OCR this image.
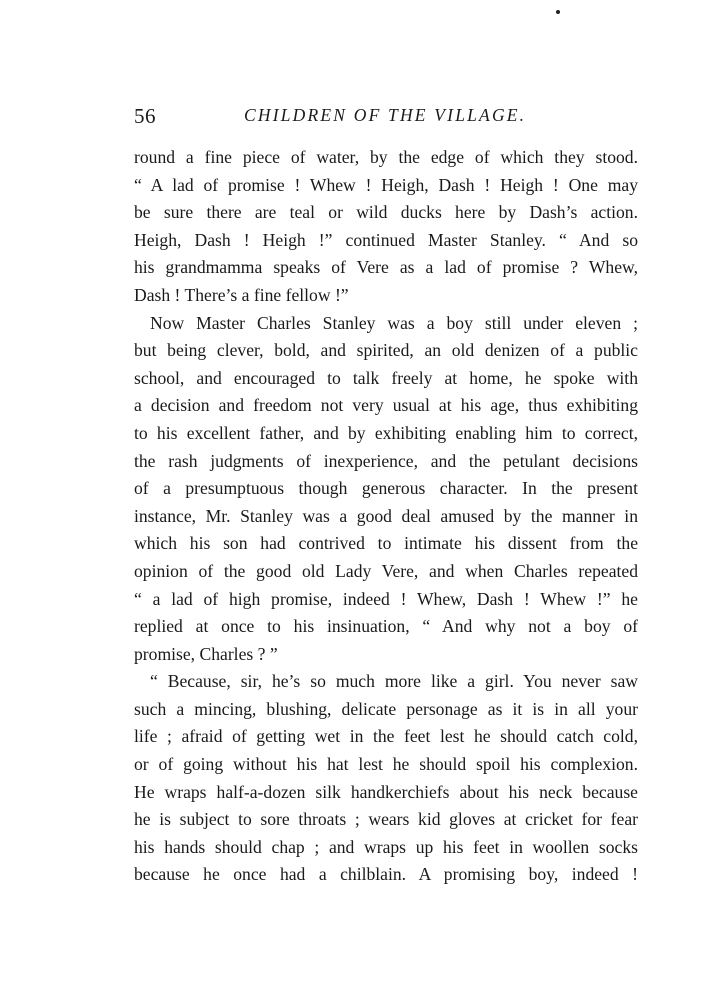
56	CHILDREN OF THE VILLAGE.
round a fine piece of water, by the edge of which they stood.
“ A lad of promise ! Whew ! Heigh, Dash ! Heigh ! One may
be sure there are teal or wild ducks here by Dash’s action.
Heigh, Dash ! Heigh !” continued Master Stanley. “ And so
his grandmamma speaks of Vere as a lad of promise ? Whew,
Dash ! There’s a fine fellow !”
Now Master Charles Stanley was a boy still under eleven ;
but being clever, bold, and spirited, an old denizen of a public
school, and encouraged to talk freely at home, he spoke with
a decision and freedom not very usual at his age, thus exhibiting
to his excellent father, and by exhibiting enabling him to correct,
the rash judgments of inexperience, and the petulant decisions
of a presumptuous though generous character. In the present
instance, Mr. Stanley was a good deal amused by the manner in
which his son had contrived to intimate his dissent from the
opinion of the good old Lady Vere, and when Charles repeated
“ a lad of high promise, indeed ! Whew, Dash ! Whew !” he
replied at once to his insinuation, “ And why not a boy of
promise, Charles ? ”
“ Because, sir, he’s so much more like a girl. You never saw
such a mincing, blushing, delicate personage as it is in all your
life ; afraid of getting wet in the feet lest he should catch cold,
or of going without his hat lest he should spoil his complexion.
He wraps half-a-dozen silk handkerchiefs about his neck because
he is subject to sore throats ; wears kid gloves at cricket for fear
his hands should chap ; and wraps up his feet in woollen socks
because he once had a chilblain. A promising boy, indeed !
